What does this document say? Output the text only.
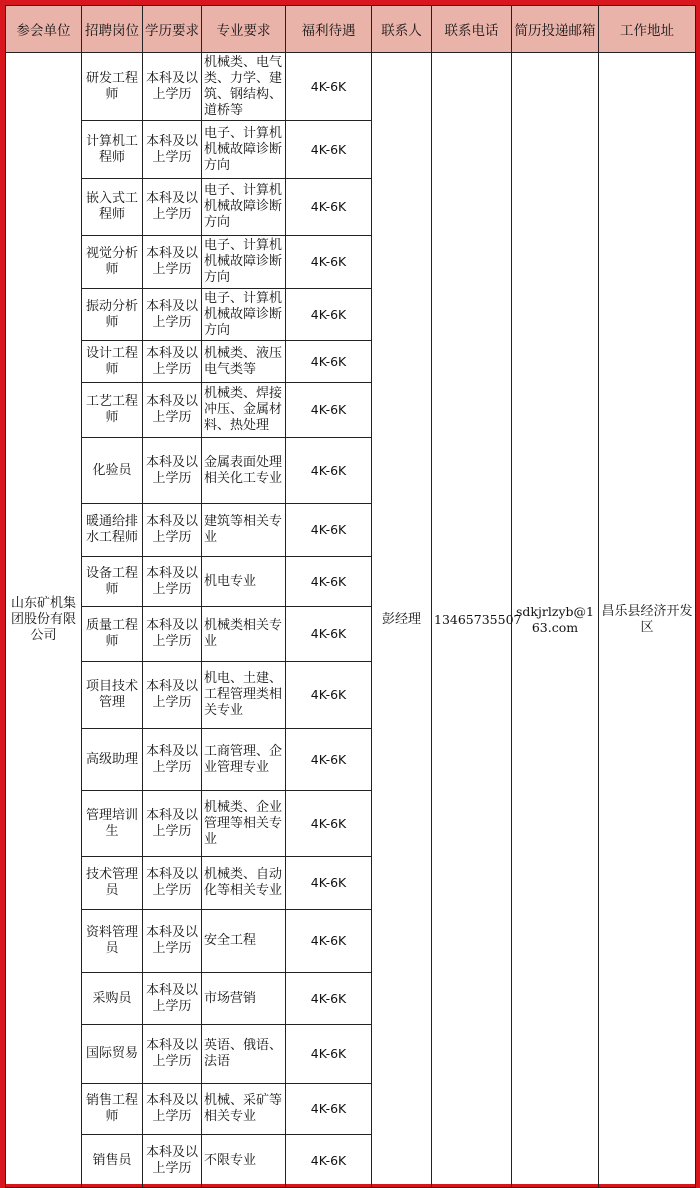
参会单位	招聘岗位	学历要求	专业要求	福利待遇	联系人	联系电话	简历投递邮箱	工作地址
山东矿机集团股份有限公司	研发工程师	本科及以上学历	机械类、电气类、力学、建筑、钢结构、道桥等	4K-6K	彭经理	13465735507	sdkjrlzyb@163.com	昌乐县经济开发区
	计算机工程师	本科及以上学历	电子、计算机机械故障诊断方向	4K-6K				
	嵌入式工程师	本科及以上学历	电子、计算机机械故障诊断方向	4K-6K				
	视觉分析师	本科及以上学历	电子、计算机机械故障诊断方向	4K-6K				
	振动分析师	本科及以上学历	电子、计算机机械故障诊断方向	4K-6K				
	设计工程师	本科及以上学历	机械类、液压电气类等	4K-6K				
	工艺工程师	本科及以上学历	机械类、焊接冲压、金属材料、热处理	4K-6K				
	化验员	本科及以上学历	金属表面处理相关化工专业	4K-6K				
	暖通给排水工程师	本科及以上学历	建筑等相关专业	4K-6K				
	设备工程师	本科及以上学历	机电专业	4K-6K				
	质量工程师	本科及以上学历	机械类相关专业	4K-6K				
	项目技术管理	本科及以上学历	机电、土建、工程管理类相关专业	4K-6K				
	高级助理	本科及以上学历	工商管理、企业管理专业	4K-6K				
	管理培训生	本科及以上学历	机械类、企业管理等相关专业	4K-6K				
	技术管理员	本科及以上学历	机械类、自动化等相关专业	4K-6K				
	资料管理员	本科及以上学历	安全工程	4K-6K				
	采购员	本科及以上学历	市场营销	4K-6K				
	国际贸易	本科及以上学历	英语、俄语、法语	4K-6K				
	销售工程师	本科及以上学历	机械、采矿等相关专业	4K-6K				
	销售员	本科及以上学历	不限专业	4K-6K				
